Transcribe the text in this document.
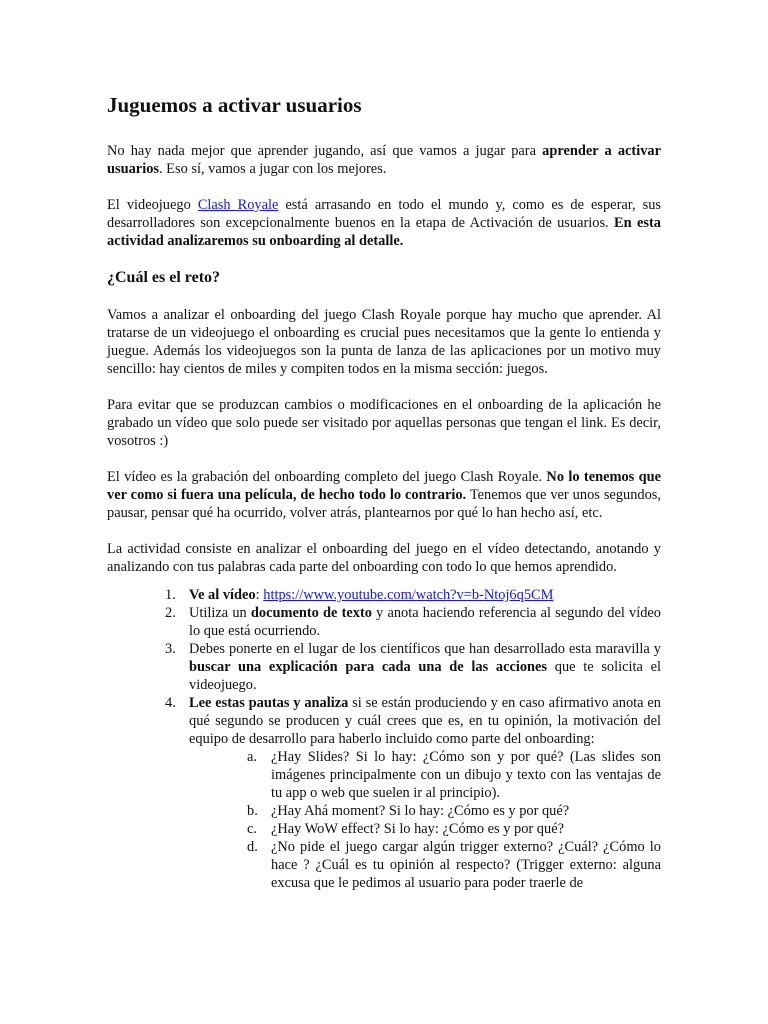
Juguemos a activar usuarios

No hay nada mejor que aprender jugando, así que vamos a jugar para aprender a activar usuarios. Eso sí, vamos a jugar con los mejores.

El videojuego Clash Royale está arrasando en todo el mundo y, como es de esperar, sus desarrolladores son excepcionalmente buenos en la etapa de Activación de usuarios. En esta actividad analizaremos su onboarding al detalle.

¿Cuál es el reto?

Vamos a analizar el onboarding del juego Clash Royale porque hay mucho que aprender. Al tratarse de un videojuego el onboarding es crucial pues necesitamos que la gente lo entienda y juegue. Además los videojuegos son la punta de lanza de las aplicaciones por un motivo muy sencillo: hay cientos de miles y compiten todos en la misma sección: juegos.

Para evitar que se produzcan cambios o modificaciones en el onboarding de la aplicación he grabado un vídeo que solo puede ser visitado por aquellas personas que tengan el link. Es decir, vosotros :)

El vídeo es la grabación del onboarding completo del juego Clash Royale. No lo tenemos que ver como si fuera una película, de hecho todo lo contrario. Tenemos que ver unos segundos, pausar, pensar qué ha ocurrido, volver atrás, plantearnos por qué lo han hecho así, etc.

La actividad consiste en analizar el onboarding del juego en el vídeo detectando, anotando y analizando con tus palabras cada parte del onboarding con todo lo que hemos aprendido.

1. Ve al vídeo: https://www.youtube.com/watch?v=b-Ntoj6q5CM
2. Utiliza un documento de texto y anota haciendo referencia al segundo del vídeo lo que está ocurriendo.
3. Debes ponerte en el lugar de los científicos que han desarrollado esta maravilla y buscar una explicación para cada una de las acciones que te solicita el videojuego.
4. Lee estas pautas y analiza si se están produciendo y en caso afirmativo anota en qué segundo se producen y cuál crees que es, en tu opinión, la motivación del equipo de desarrollo para haberlo incluido como parte del onboarding:
a. ¿Hay Slides? Si lo hay: ¿Cómo son y por qué? (Las slides son imágenes principalmente con un dibujo y texto con las ventajas de tu app o web que suelen ir al principio).
b. ¿Hay Ahá moment? Si lo hay: ¿Cómo es y por qué?
c. ¿Hay WoW effect? Si lo hay: ¿Cómo es y por qué?
d. ¿No pide el juego cargar algún trigger externo? ¿Cuál? ¿Cómo lo hace ? ¿Cuál es tu opinión al respecto? (Trigger externo: alguna excusa que le pedimos al usuario para poder traerle de
